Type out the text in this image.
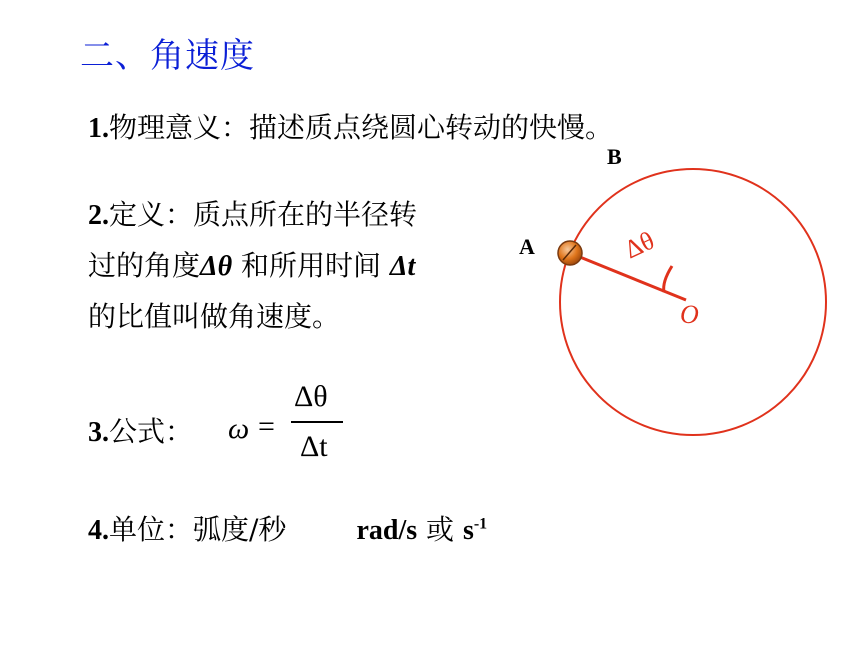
二、角速度
1.物理意义：描述质点绕圆心转动的快慢。
2.定义：质点所在的半径转
过的角度Δθ 和所用时间 Δt
的比值叫做角速度。
3.公式： ω =
Δθ
Δt
4.单位：弧度/秒	rad/s 或 $s^{-1}$
B
A
O
Δθ
